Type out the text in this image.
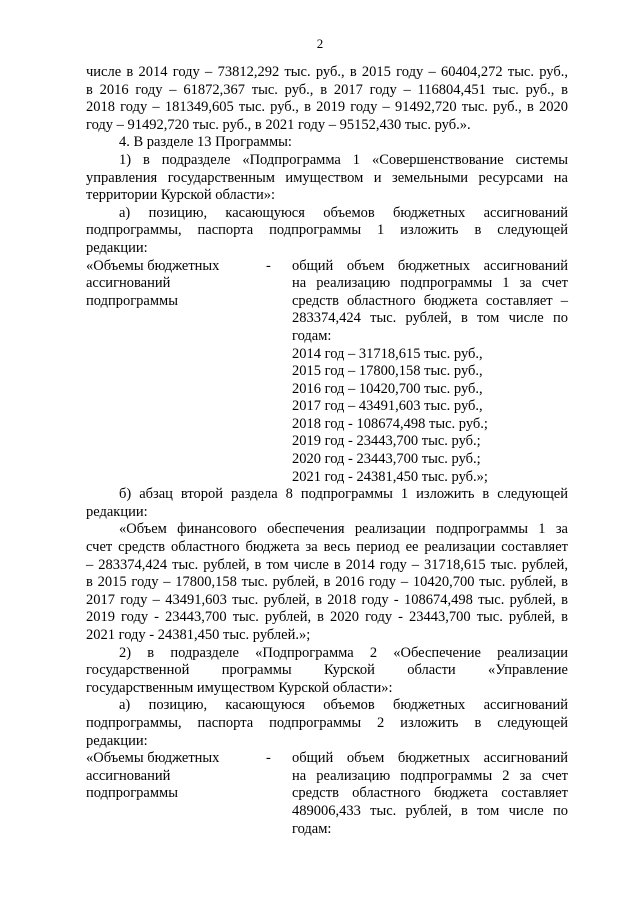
2

числе в 2014 году – 73812,292 тыс. руб., в 2015 году – 60404,272 тыс. руб.,

в 2016 году – 61872,367 тыс. руб., в 2017 году – 116804,451 тыс. руб., в

2018 году – 181349,605 тыс. руб., в 2019 году – 91492,720 тыс. руб., в 2020

году – 91492,720 тыс. руб., в 2021 году – 95152,430 тыс. руб.».

4. В разделе 13 Программы:

1) в подразделе «Подпрограмма 1 «Совершенствование системы

управления государственным имуществом и земельными ресурсами на

территории Курской области»:

а) позицию, касающуюся объемов бюджетных ассигнований

подпрограммы, паспорта подпрограммы 1 изложить в следующей

редакции:

«Объемы бюджетных

ассигнований

подпрограммы

-	общий объем бюджетных ассигнований

на реализацию подпрограммы 1 за счет

средств областного бюджета составляет –

283374,424 тыс. рублей, в том числе по

годам:

2014 год – 31718,615 тыс. руб.,

2015 год – 17800,158 тыс. руб.,

2016 год – 10420,700 тыс. руб.,

2017 год – 43491,603 тыс. руб.,

2018 год - 108674,498 тыс. руб.;

2019 год - 23443,700 тыс. руб.;

2020 год - 23443,700 тыс. руб.;

2021 год - 24381,450 тыс. руб.»;

б) абзац второй раздела 8 подпрограммы 1 изложить в следующей

редакции:

«Объем финансового обеспечения реализации подпрограммы 1 за

счет средств областного бюджета за весь период ее реализации составляет

– 283374,424 тыс. рублей, в том числе в 2014 году – 31718,615 тыс. рублей,

в 2015 году – 17800,158 тыс. рублей, в 2016 году – 10420,700 тыс. рублей, в

2017 году – 43491,603 тыс. рублей, в 2018 году - 108674,498 тыс. рублей, в

2019 году - 23443,700 тыс. рублей, в 2020 году - 23443,700 тыс. рублей, в

2021 году - 24381,450 тыс. рублей.»;

2) в подразделе «Подпрограмма 2 «Обеспечение реализации

государственной программы Курской области «Управление

государственным имуществом Курской области»:

а) позицию, касающуюся объемов бюджетных ассигнований

подпрограммы, паспорта подпрограммы 2 изложить в следующей

редакции:

«Объемы бюджетных

ассигнований

подпрограммы

-	общий объем бюджетных ассигнований

на реализацию подпрограммы 2 за счет

средств областного бюджета составляет

489006,433 тыс. рублей, в том числе по

годам:
